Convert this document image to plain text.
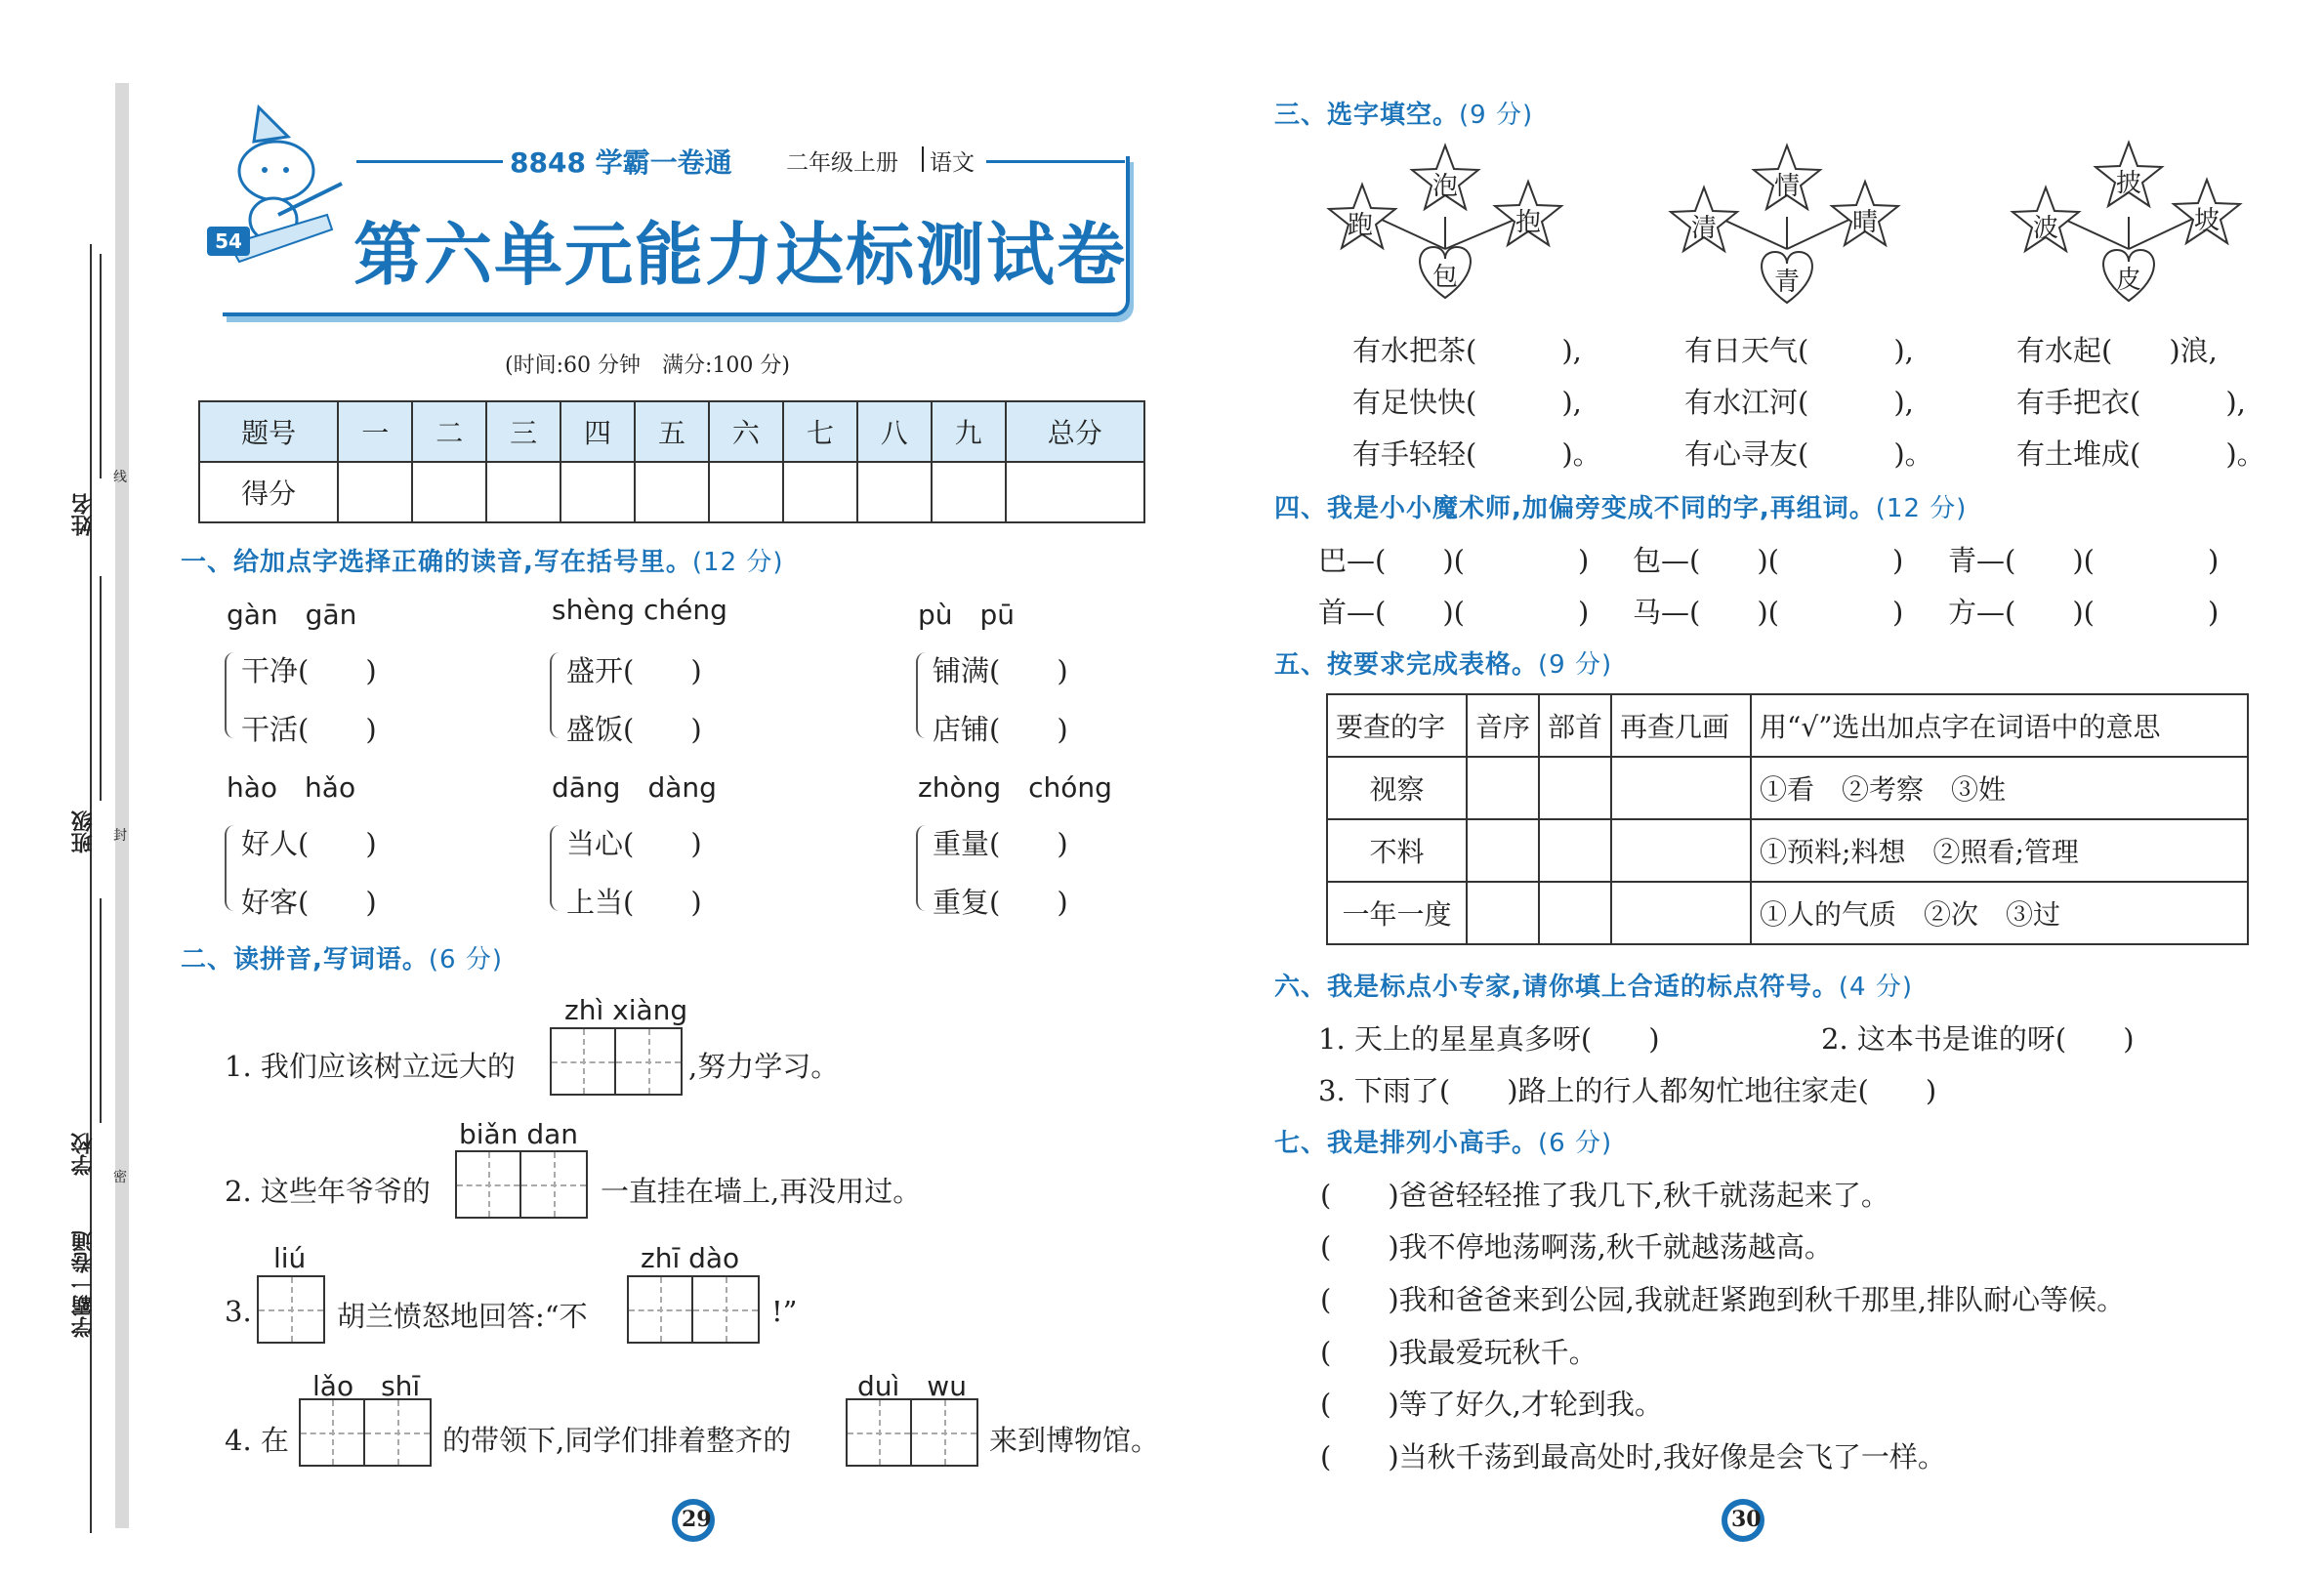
姓名
班级
学校
学霸一卷通
线
封
密
54
8848 学霸一卷通 二年级上册 语文
第六单元能力达标测试卷
(时间:60 分钟　满分:100 分)
题号	一	二	三	四	五	六	七	八	九	总分
得分										
一、给加点字选择正确的读音,写在括号里。(12 分)
gàn　gān
干净(　　)
干活(　　)
shèng chéng
盛开(　　)
盛饭(　　)
pù　pū
铺满(　　)
店铺(　　)
hào　hǎo
好人(　　)
好客(　　)
dāng　dàng
当心(　　)
上当(　　)
zhòng　chóng
重量(　　)
重复(　　)
二、读拼音,写词语。(6 分)
1. 我们应该树立远大的
zhì xiàng
,努力学习。
2. 这些年爷爷的
biǎn dan
一直挂在墙上,再没用过。
3.
liú
胡兰愤怒地回答:“不
zhī dào
!”
4. 在
lǎo　shī
的带领下,同学们排着整齐的
duì　wu
来到博物馆。
29
三、选字填空。(9 分)
跑
泡
抱
包
清
情
晴
青
波
披
坡
皮
有水把茶(　　　),	有日天气(　　　),	有水起(　　)浪,
有足快快(　　　),	有水江河(　　　),	有手把衣(　　　),
有手轻轻(　　　)。	有心寻友(　　　)。	有土堆成(　　　)。
四、我是小小魔术师,加偏旁变成不同的字,再组词。(12 分)
巴—(　　)(　　　　) 包—(　　)(　　　　) 青—(　　)(　　　　)
首—(　　)(　　　　) 马—(　　)(　　　　) 方—(　　)(　　　　)
五、按要求完成表格。(9 分)
要查的字	音序	部首	再查几画	用“√”选出加点字在词语中的意思
视察				①看　②考察　③姓
不料				①预料;料想　②照看;管理
一年一度				①人的气质　②次　③过
六、我是标点小专家,请你填上合适的标点符号。(4 分)
1. 天上的星星真多呀(　　)	2. 这本书是谁的呀(　　)
3. 下雨了(　　)路上的行人都匆忙地往家走(　　)
七、我是排列小高手。(6 分)
(　　)爸爸轻轻推了我几下,秋千就荡起来了。
(　　)我不停地荡啊荡,秋千就越荡越高。
(　　)我和爸爸来到公园,我就赶紧跑到秋千那里,排队耐心等候。
(　　)我最爱玩秋千。
(　　)等了好久,才轮到我。
(　　)当秋千荡到最高处时,我好像是会飞了一样。
30
